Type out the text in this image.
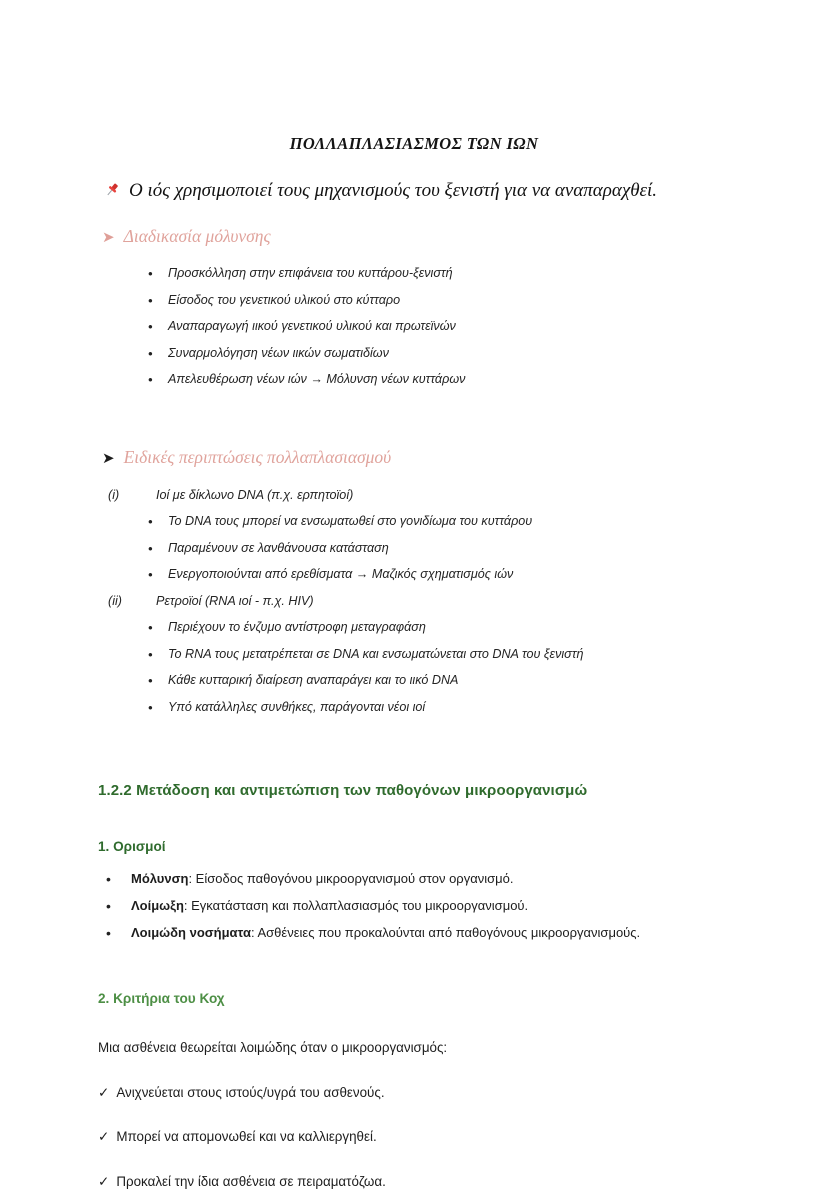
ΠΟΛΛΑΠΛΑΣΙΑΣΜΟΣ ΤΩΝ ΙΩΝ
Ο ιός χρησιμοποιεί τους μηχανισμούς του ξενιστή για να αναπαραχθεί.
➤ Διαδικασία μόλυνσης
• Προσκόλληση στην επιφάνεια του κυττάρου-ξενιστή
• Είσοδος του γενετικού υλικού στο κύτταρο
• Αναπαραγωγή ιικού γενετικού υλικού και πρωτεϊνών
• Συναρμολόγηση νέων ιικών σωματιδίων
• Απελευθέρωση νέων ιών → Μόλυνση νέων κυττάρων
➤ Ειδικές περιπτώσεις πολλαπλασιασμού
(i)	Ιοί με δίκλωνο DNA (π.χ. ερπητοϊοί)
• Το DNA τους μπορεί να ενσωματωθεί στο γονιδίωμα του κυττάρου
• Παραμένουν σε λανθάνουσα κατάσταση
• Ενεργοποιούνται από ερεθίσματα → Μαζικός σχηματισμός ιών
(ii)	Ρετροϊοί (RNA ιοί - π.χ. HIV)
• Περιέχουν το ένζυμο αντίστροφη μεταγραφάση
• Το RNA τους μετατρέπεται σε DNA και ενσωματώνεται στο DNA του ξενιστή
• Κάθε κυτταρική διαίρεση αναπαράγει και το ιικό DNA
• Υπό κατάλληλες συνθήκες, παράγονται νέοι ιοί
1.2.2 Μετάδοση και αντιμετώπιση των παθογόνων μικροοργανισμώ
1. Ορισμοί
• Μόλυνση: Είσοδος παθογόνου μικροοργανισμού στον οργανισμό.
• Λοίμωξη: Εγκατάσταση και πολλαπλασιασμός του μικροοργανισμού.
• Λοιμώδη νοσήματα: Ασθένειες που προκαλούνται από παθογόνους μικροοργανισμούς.
2. Κριτήρια του Κοχ

Μια ασθένεια θεωρείται λοιμώδης όταν ο μικροοργανισμός:

✓ Ανιχνεύεται στους ιστούς/υγρά του ασθενούς.

✓ Μπορεί να απομονωθεί και να καλλιεργηθεί.

✓ Προκαλεί την ίδια ασθένεια σε πειραματόζωα.
